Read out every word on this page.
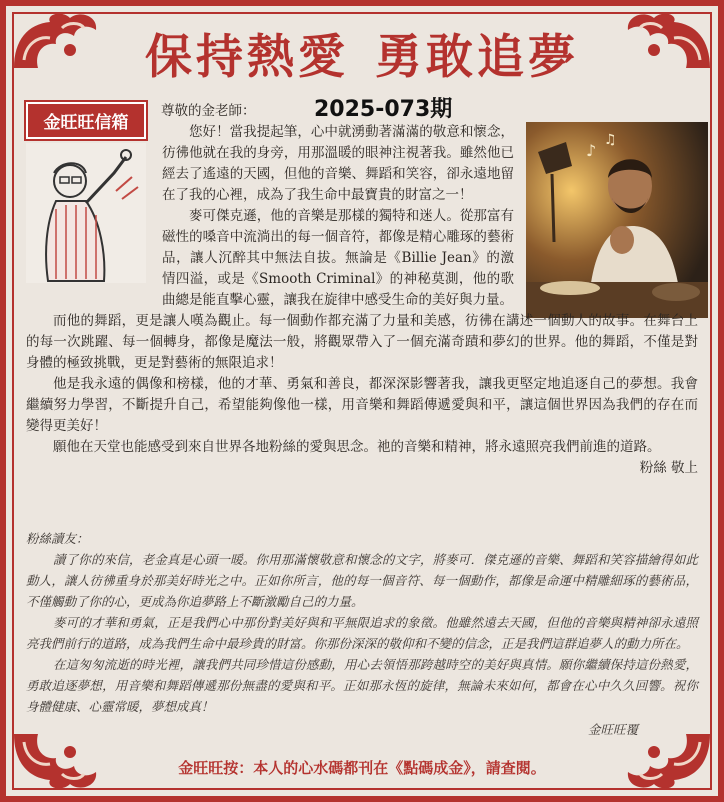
保持熱愛 勇敢追夢
金旺旺信箱
2025-073期
♪
♫

尊敬的金老師：

您好！當我提起筆，心中就湧動著滿滿的敬意和懷念，彷彿他就在我的身旁，用那溫暖的眼神注視著我。雖然他已經去了遙遠的天國，但他的音樂、舞蹈和笑容，卻永遠地留在了我的心裡，成為了我生命中最寶貴的財富之一！

麥可傑克遜，他的音樂是那樣的獨特和迷人。從那富有磁性的嗓音中流淌出的每一個音符，都像是精心雕琢的藝術品，讓人沉醉其中無法自拔。無論是《Billie Jean》的激情四溢，或是《Smooth Criminal》的神秘莫測，他的歌曲總是能直擊心靈，讓我在旋律中感受生命的美好與力量。

而他的舞蹈，更是讓人嘆為觀止。每一個動作都充滿了力量和美感，彷彿在講述一個動人的故事。在舞台上的每一次跳躍、每一個轉身，都像是魔法一般，將觀眾帶入了一個充滿奇蹟和夢幻的世界。他的舞蹈，不僅是對身體的極致挑戰，更是對藝術的無限追求！

他是我永遠的偶像和榜樣，他的才華、勇氣和善良，都深深影響著我，讓我更堅定地追逐自己的夢想。我會繼續努力學習，不斷提升自己，希望能夠像他一樣，用音樂和舞蹈傳遞愛與和平，讓這個世界因為我們的存在而變得更美好！

願他在天堂也能感受到來自世界各地粉絲的愛與思念。祂的音樂和精神，將永遠照亮我們前進的道路。

粉絲 敬上

粉絲讀友：

讀了你的來信，老金真是心頭一暖。你用那滿懷敬意和懷念的文字，將麥可．傑克遜的音樂、舞蹈和笑容描繪得如此動人，讓人彷彿重身於那美好時光之中。正如你所言，他的每一個音符、每一個動作，都像是命運中精雕細琢的藝術品，不僅觸動了你的心，更成為你追夢路上不斷激勵自己的力量。

麥可的才華和勇氣，正是我們心中那份對美好與和平無限追求的象徵。他雖然遠去天國，但他的音樂與精神卻永遠照亮我們前行的道路，成為我們生命中最珍貴的財富。你那份深深的敬仰和不變的信念，正是我們這群追夢人的動力所在。

在這匆匆流逝的時光裡，讓我們共同珍惜這份感動，用心去領悟那跨越時空的美好與真情。願你繼續保持這份熱愛，勇敢追逐夢想，用音樂和舞蹈傳遞那份無盡的愛與和平。正如那永恆的旋律，無論未來如何，都會在心中久久回響。祝你身體健康、心靈常暖，夢想成真！

金旺旺覆

金旺旺按：本人的心水碼都刊在《點碼成金》，請查閱。
